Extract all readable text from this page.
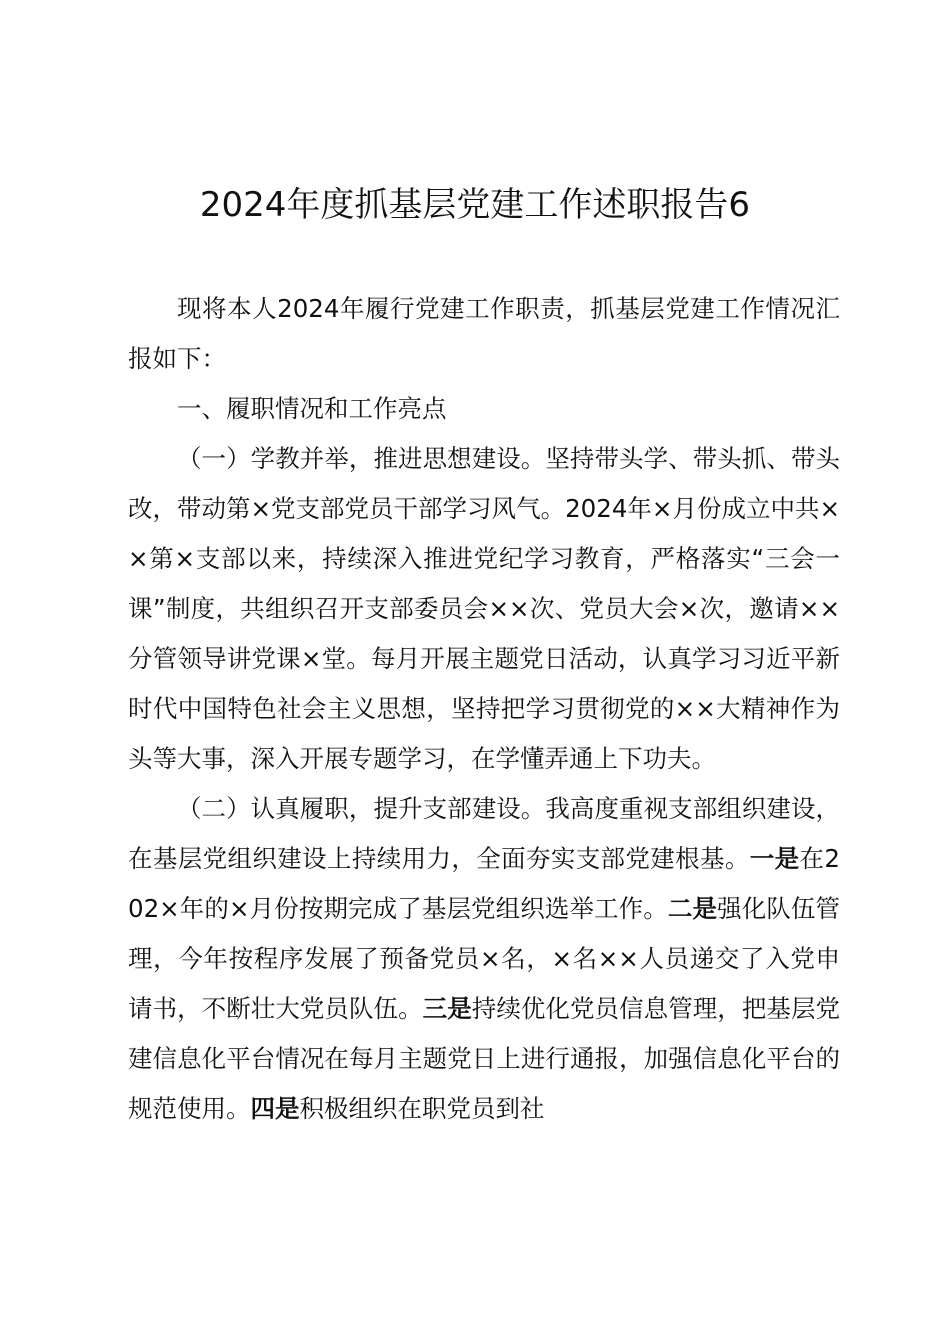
2024年度抓基层党建工作述职报告6

现将本人2024年履行党建工作职责，抓基层党建工作情况汇报如下：

一、履职情况和工作亮点

（一）学教并举，推进思想建设。坚持带头学、带头抓、带头改，带动第×党支部党员干部学习风气。2024年×月份成立中共××第×支部以来，持续深入推进党纪学习教育，严格落实“三会一课”制度，共组织召开支部委员会××次、党员大会×次，邀请××分管领导讲党课×堂。每月开展主题党日活动，认真学习习近平新时代中国特色社会主义思想，坚持把学习贯彻党的××大精神作为头等大事，深入开展专题学习，在学懂弄通上下功夫。

（二）认真履职，提升支部建设。我高度重视支部组织建设，在基层党组织建设上持续用力，全面夯实支部党建根基。一是在202×年的×月份按期完成了基层党组织选举工作。二是强化队伍管理，今年按程序发展了预备党员×名，×名××人员递交了入党申请书，不断壮大党员队伍。三是持续优化党员信息管理，把基层党建信息化平台情况在每月主题党日上进行通报，加强信息化平台的规范使用。四是积极组织在职党员到社
